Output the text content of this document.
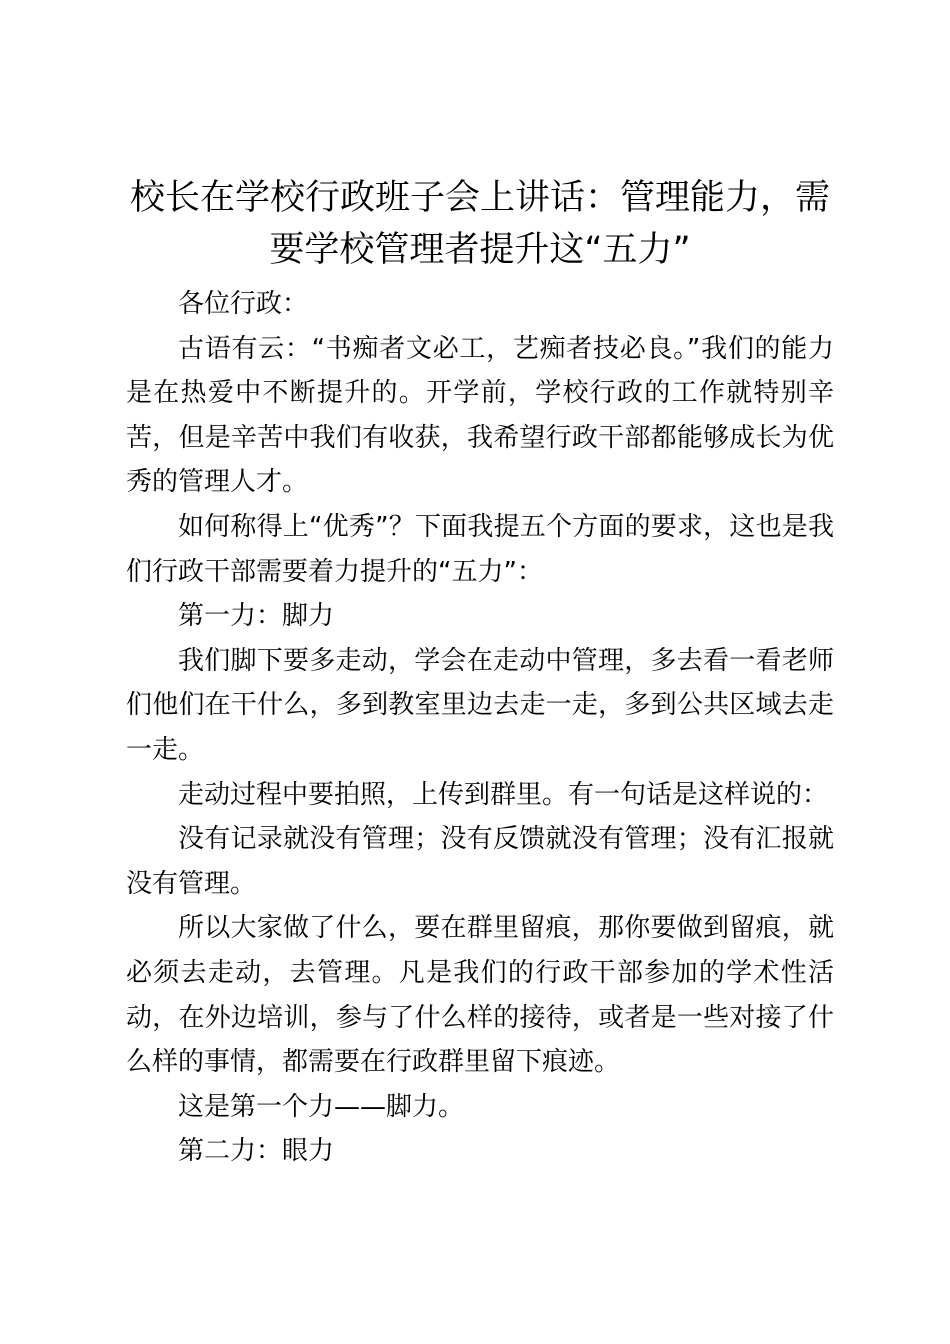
校长在学校行政班子会上讲话：管理能力，需要学校管理者提升这“五力”

各位行政：

古语有云：“书痴者文必工，艺痴者技必良。”我们的能力是在热爱中不断提升的。开学前，学校行政的工作就特别辛苦，但是辛苦中我们有收获，我希望行政干部都能够成长为优秀的管理人才。

如何称得上“优秀”？下面我提五个方面的要求，这也是我们行政干部需要着力提升的“五力”：

第一力：脚力

我们脚下要多走动，学会在走动中管理，多去看一看老师们他们在干什么，多到教室里边去走一走，多到公共区域去走一走。

走动过程中要拍照，上传到群里。有一句话是这样说的：

没有记录就没有管理；没有反馈就没有管理；没有汇报就没有管理。

所以大家做了什么，要在群里留痕，那你要做到留痕，就必须去走动，去管理。凡是我们的行政干部参加的学术性活动，在外边培训，参与了什么样的接待，或者是一些对接了什么样的事情，都需要在行政群里留下痕迹。

这是第一个力——脚力。

第二力：眼力
